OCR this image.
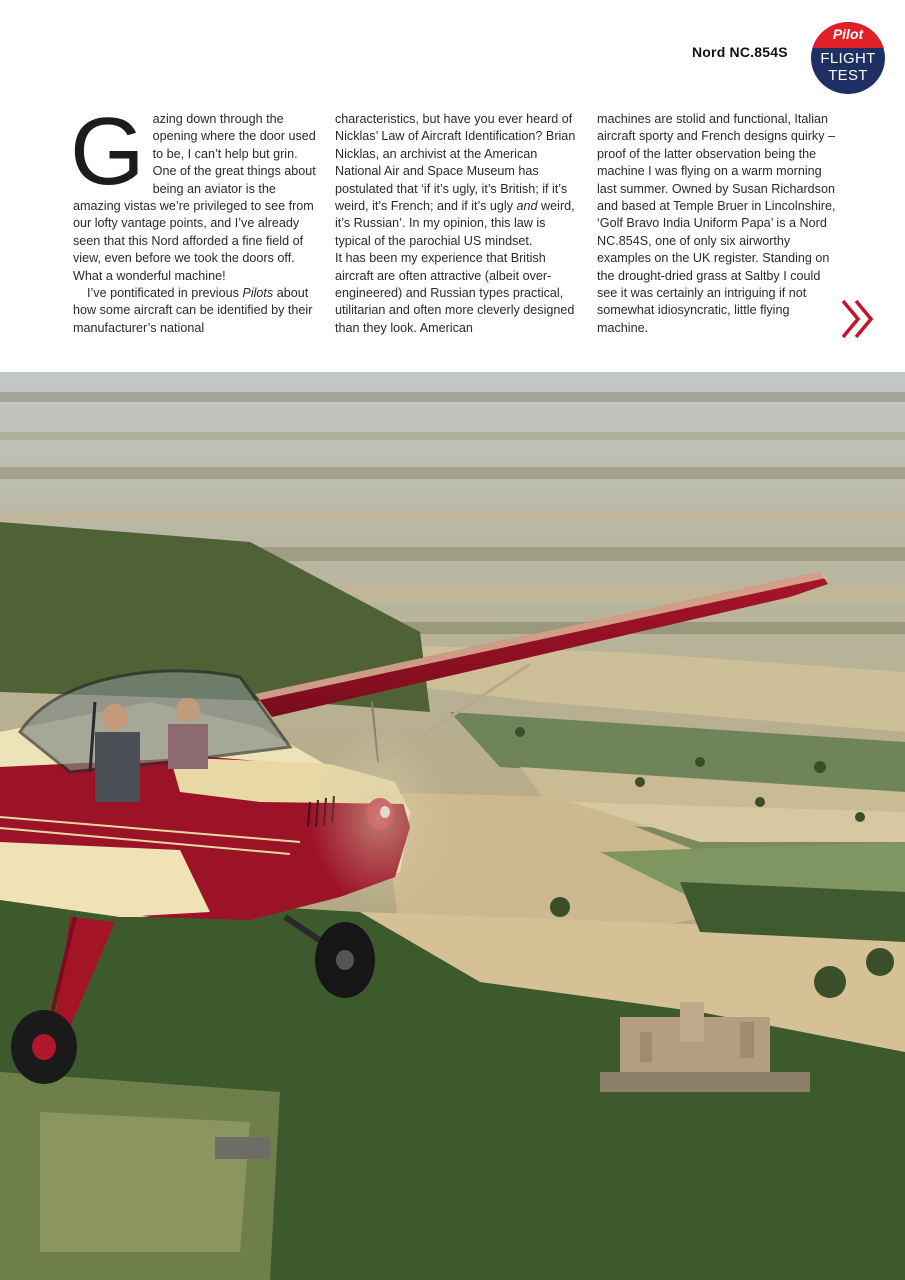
Nord NC.854S
Pilot
FLIGHT
TEST

Gazing down through the opening where the door used to be, I can’t help but grin. One of the great things about being an aviator is the amazing vistas we’re privileged to see from our lofty vantage points, and I’ve already seen that this Nord afforded a fine field of view, even before we took the doors off. What a wonderful machine!

I’ve pontificated in previous Pilots about how some aircraft can be identified by their manufacturer’s national

characteristics, but have you ever heard of Nicklas’ Law of Aircraft Identification? Brian Nicklas, an archivist at the American National Air and Space Museum has postulated that ‘if it’s ugly, it’s British; if it’s weird, it’s French; and if it’s ugly and weird, it’s Russian’. In my opinion, this law is typical of the parochial US mindset.

It has been my experience that British aircraft are often attractive (albeit over-engineered) and Russian types practical, utilitarian and often more cleverly designed than they look. American

machines are stolid and functional, Italian aircraft sporty and French designs quirky – proof of the latter observation being the machine I was flying on a warm morning last summer. Owned by Susan Richardson and based at Temple Bruer in Lincolnshire, ‘Golf Bravo India Uniform Papa’ is a Nord NC.854S, one of only six airworthy examples on the UK register. Standing on the drought-dried grass at Saltby I could see it was certainly an intriguing if not somewhat idiosyncratic, little flying machine.
